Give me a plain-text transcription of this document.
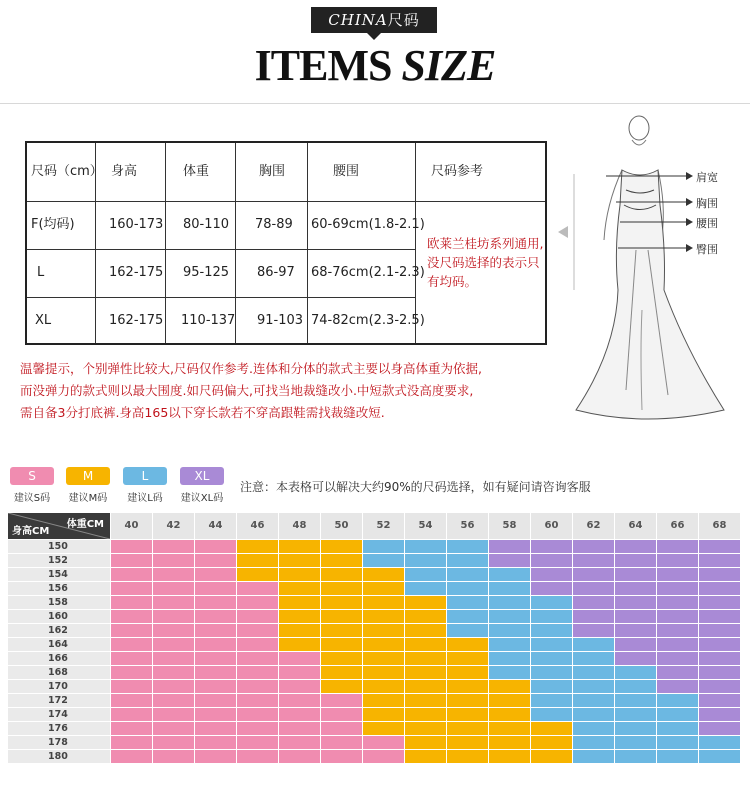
CHINA尺码
ITEMS SIZE
尺码（cm） 身高	体重	胸围	腰围	尺码参考
F(均码)	160-173 80-110 78-89 60-69cm(1.8-2.1)
L	162-175 95-125 86-97 68-76cm(2.1-2.3)
XL	162-175 110-137 91-103 74-82cm(2.3-2.5)
欧莱兰桂坊系列通用,没尺码选择的表示只有均码。
温馨提示，个别弹性比较大,尺码仅作参考.连体和分体的款式主要以身高体重为依据,
而没弹力的款式则以最大围度.如尺码偏大,可找当地裁缝改小.中短款式没高度要求,
需自备3分打底裤.身高165以下穿长款若不穿高跟鞋需找裁缝改短.
肩宽
胸围
腰围
臀围
S
建议S码
M
建议M码
L
建议L码
XL
建议XL码
注意：本表格可以解决大约90%的尺码选择，如有疑问请咨询客服
体重CM
身高CM
40	42	44	46	48	50	52	54	56	58	60	62	64	66	68
150
152
154
156
158
160
162
164
166
168
170
172
174
176
178
180
